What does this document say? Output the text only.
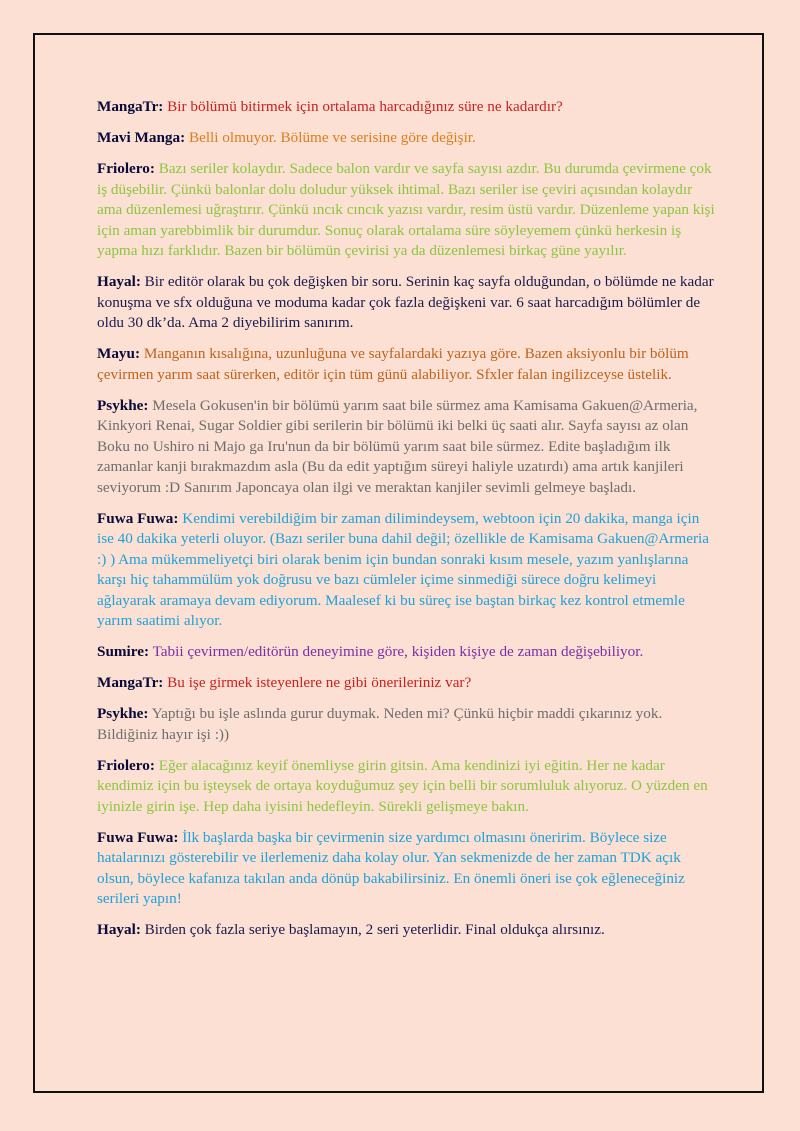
MangaTr: Bir bölümü bitirmek için ortalama harcadığınız süre ne kadardır?

Mavi Manga: Belli olmuyor. Bölüme ve serisine göre değişir.

Friolero: Bazı seriler kolaydır. Sadece balon vardır ve sayfa sayısı azdır. Bu durumda çevirmene çok iş düşebilir. Çünkü balonlar dolu doludur yüksek ihtimal. Bazı seriler ise çeviri açısından kolaydır ama düzenlemesi uğraştırır. Çünkü ıncık cıncık yazısı vardır, resim üstü vardır. Düzenleme yapan kişi için aman yarebbimlik bir durumdur. Sonuç olarak ortalama süre söyleyemem çünkü herkesin iş yapma hızı farklıdır. Bazen bir bölümün çevirisi ya da düzenlemesi birkaç güne yayılır.

Hayal: Bir editör olarak bu çok değişken bir soru. Serinin kaç sayfa olduğundan, o bölümde ne kadar konuşma ve sfx olduğuna ve moduma kadar çok fazla değişkeni var. 6 saat harcadığım bölümler de oldu 30 dk’da. Ama 2 diyebilirim sanırım.

Mayu: Manganın kısalığına, uzunluğuna ve sayfalardaki yazıya göre. Bazen aksiyonlu bir bölüm çevirmen yarım saat sürerken, editör için tüm günü alabiliyor. Sfxler falan ingilizceyse üstelik.

Psykhe: Mesela Gokusen'in bir bölümü yarım saat bile sürmez ama Kamisama Gakuen@Armeria, Kinkyori Renai, Sugar Soldier gibi serilerin bir bölümü iki belki üç saati alır. Sayfa sayısı az olan Boku no Ushiro ni Majo ga Iru'nun da bir bölümü yarım saat bile sürmez. Edite başladığım ilk zamanlar kanji bırakmazdım asla (Bu da edit yaptığım süreyi haliyle uzatırdı) ama artık kanjileri seviyorum :D Sanırım Japoncaya olan ilgi ve meraktan kanjiler sevimli gelmeye başladı.

Fuwa Fuwa: Kendimi verebildiğim bir zaman dilimindeysem, webtoon için 20 dakika, manga için ise 40 dakika yeterli oluyor. (Bazı seriler buna dahil değil; özellikle de Kamisama Gakuen@Armeria :) ) Ama mükemmeliyetçi biri olarak benim için bundan sonraki kısım mesele, yazım yanlışlarına karşı hiç tahammülüm yok doğrusu ve bazı cümleler içime sinmediği sürece doğru kelimeyi ağlayarak aramaya devam ediyorum. Maalesef ki bu süreç ise baştan birkaç kez kontrol etmemle yarım saatimi alıyor.

Sumire: Tabii çevirmen/editörün deneyimine göre, kişiden kişiye de zaman değişebiliyor.

MangaTr: Bu işe girmek isteyenlere ne gibi önerileriniz var?

Psykhe: Yaptığı bu işle aslında gurur duymak. Neden mi? Çünkü hiçbir maddi çıkarınız yok. Bildiğiniz hayır işi :))

Friolero: Eğer alacağınız keyif önemliyse girin gitsin. Ama kendinizi iyi eğitin. Her ne kadar kendimiz için bu işteysek de ortaya koyduğumuz şey için belli bir sorumluluk alıyoruz. O yüzden en iyinizle girin işe. Hep daha iyisini hedefleyin. Sürekli gelişmeye bakın.

Fuwa Fuwa: İlk başlarda başka bir çevirmenin size yardımcı olmasını öneririm. Böylece size hatalarınızı gösterebilir ve ilerlemeniz daha kolay olur. Yan sekmenizde de her zaman TDK açık olsun, böylece kafanıza takılan anda dönüp bakabilirsiniz. En önemli öneri ise çok eğleneceğiniz serileri yapın!

Hayal: Birden çok fazla seriye başlamayın, 2 seri yeterlidir. Final oldukça alırsınız.
